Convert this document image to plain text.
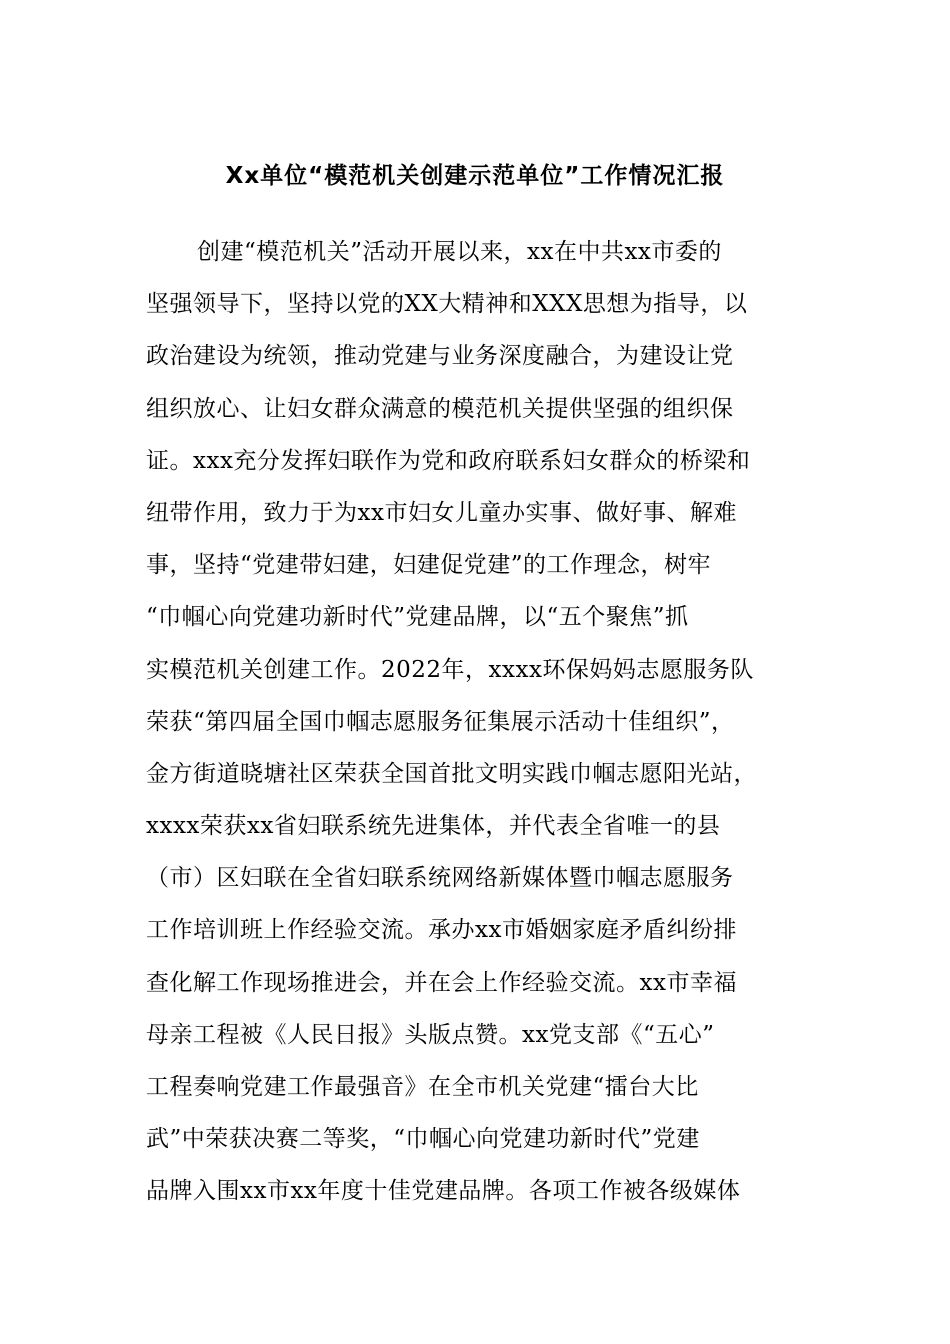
Xx单位“模范机关创建示范单位”工作情况汇报
创建“模范机关”活动开展以来，xx在中共xx市委的
坚强领导下，坚持以党的XX大精神和XXX思想为指导，以
政治建设为统领，推动党建与业务深度融合，为建设让党
组织放心、让妇女群众满意的模范机关提供坚强的组织保
证。xxx充分发挥妇联作为党和政府联系妇女群众的桥梁和
纽带作用，致力于为xx市妇女儿童办实事、做好事、解难
事，坚持“党建带妇建，妇建促党建”的工作理念，树牢
“巾帼心向党建功新时代”党建品牌，以“五个聚焦”抓
实模范机关创建工作。2022年，xxxx环保妈妈志愿服务队
荣获“第四届全国巾帼志愿服务征集展示活动十佳组织”，
金方街道晓塘社区荣获全国首批文明实践巾帼志愿阳光站，
xxxx荣获xx省妇联系统先进集体，并代表全省唯一的县
（市）区妇联在全省妇联系统网络新媒体暨巾帼志愿服务
工作培训班上作经验交流。承办xx市婚姻家庭矛盾纠纷排
查化解工作现场推进会，并在会上作经验交流。xx市幸福
母亲工程被《人民日报》头版点赞。xx党支部《“五心”
工程奏响党建工作最强音》在全市机关党建“擂台大比
武”中荣获决赛二等奖，“巾帼心向党建功新时代”党建
品牌入围xx市xx年度十佳党建品牌。各项工作被各级媒体
